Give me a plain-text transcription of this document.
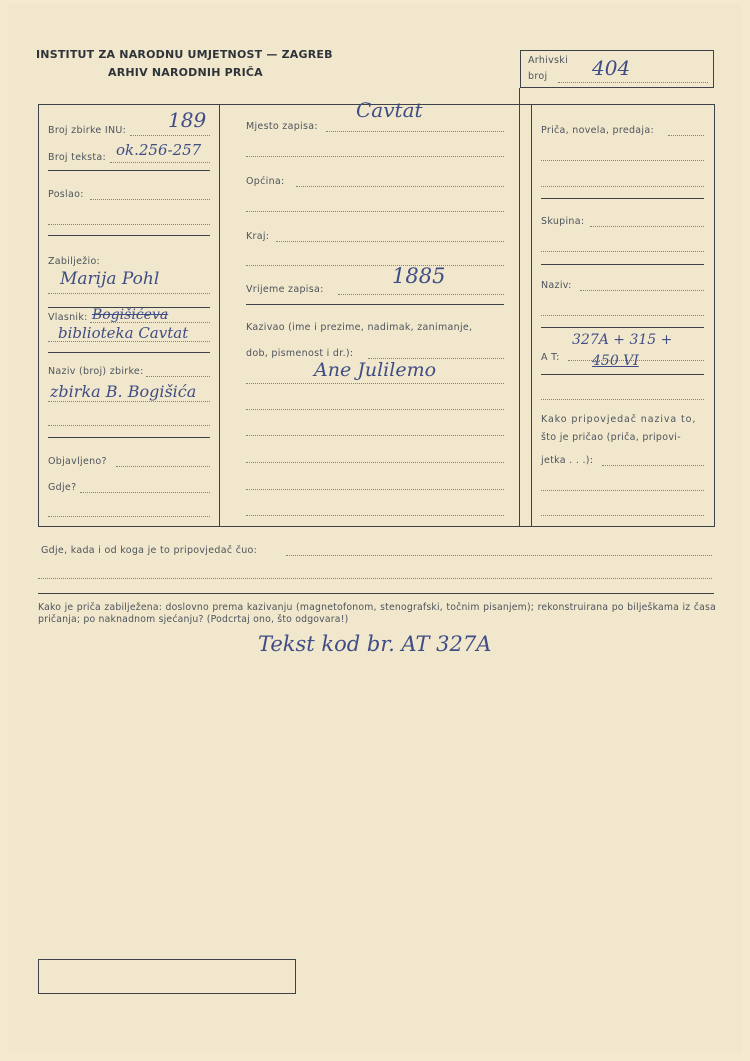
INSTITUT ZA NARODNU UMJETNOST — ZAGREB
ARHIV NARODNIH PRIČA
Arhivski
broj 404
Broj zbirke INU: 189
Broj teksta: ok.256-257
Poslao:
Zabilježio:
Marija Pohl
Vlasnik: Bogišićeva
biblioteka Cavtat
Naziv (broj) zbirke:
zbirka B. Bogišića
Objavljeno?
Gdje?
Mjesto zapisa:
Cavtat
Općina:
Kraj:
Vrijeme zapisa:
1885
Kazivao (ime i prezime, nadimak, zanimanje,
dob, pismenost i dr.):
Ane Julilemo
Priča, novela, predaja:
Skupina:
Naziv:
327A + 315 +
A T: 450 VI
Kako pripovjedač naziva to,
što je pričao (priča, pripovi-
jetka . . .):
Gdje, kada i od koga je to pripovjedač čuo:
Kako je priča zabilježena: doslovno prema kazivanju (magnetofonom, stenografski, točnim pisanjem); rekonstruirana po bilješkama iz časa pričanja; po naknadnom sjećanju? (Podcrtaj ono, što odgovara!)
Tekst kod br. AT 327A
